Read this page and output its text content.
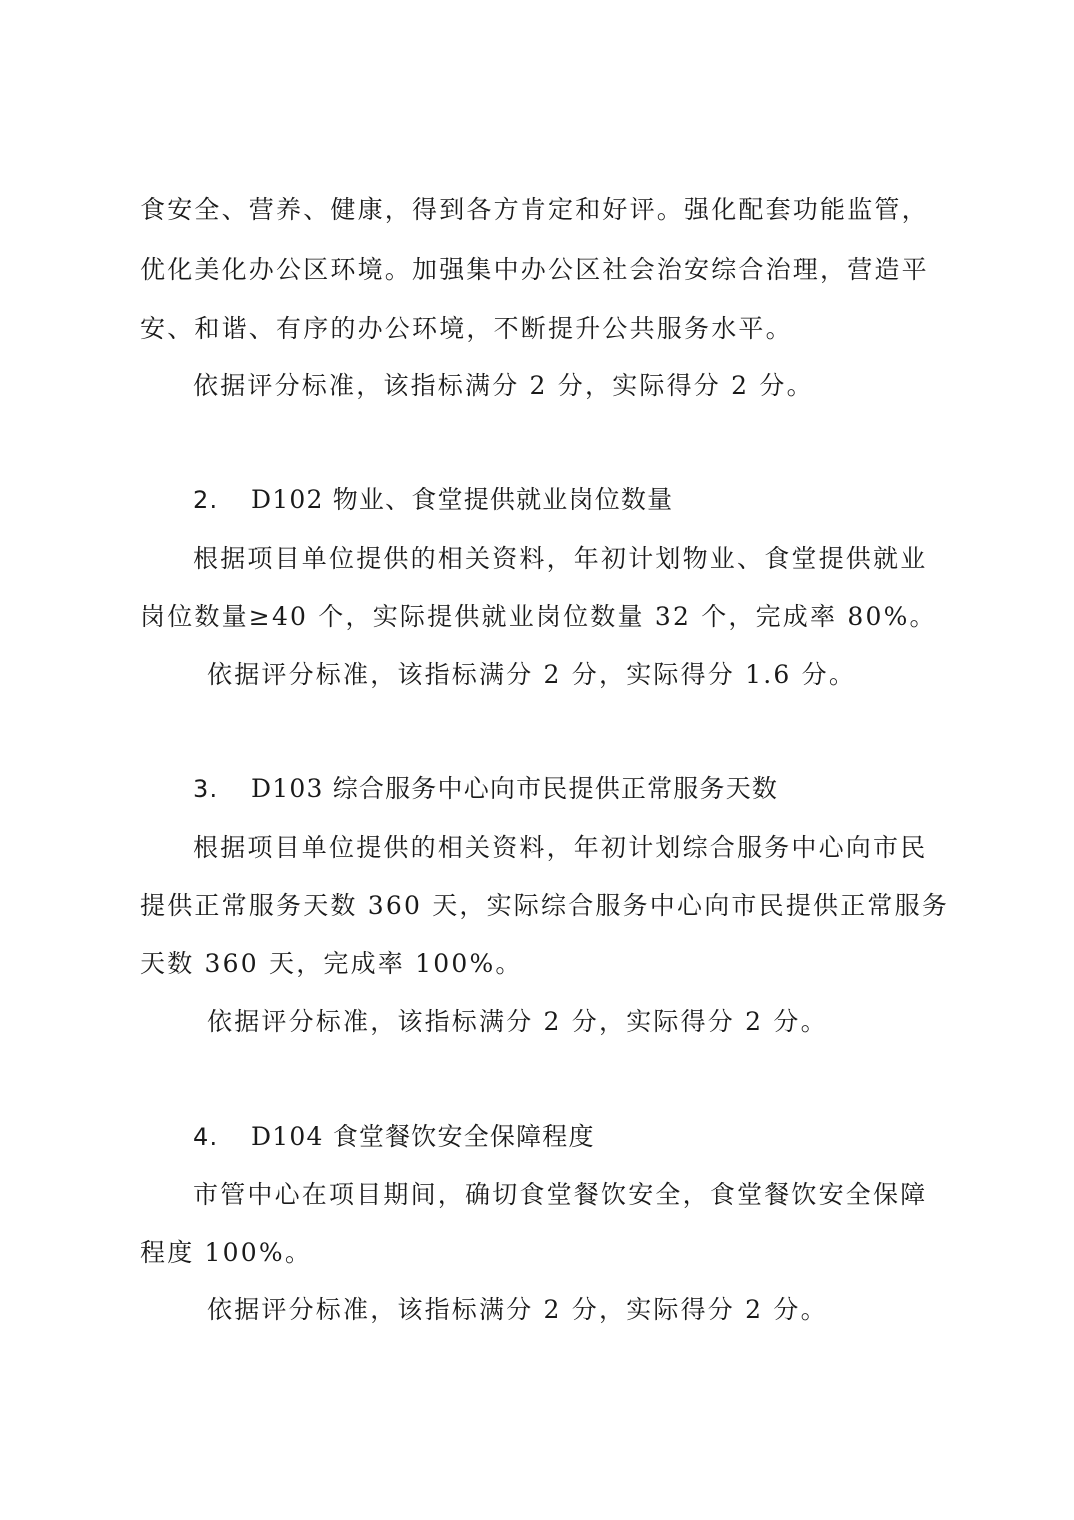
食安全、营养、健康，得到各方肯定和好评。强化配套功能监管，
优化美化办公区环境。加强集中办公区社会治安综合治理，营造平
安、和谐、有序的办公环境，不断提升公共服务水平。
依据评分标准，该指标满分 2 分，实际得分 2 分。
2. D102 物业、食堂提供就业岗位数量
根据项目单位提供的相关资料，年初计划物业、食堂提供就业
岗位数量≥40 个，实际提供就业岗位数量 32 个，完成率 80%。
依据评分标准，该指标满分 2 分，实际得分 1.6 分。
3. D103 综合服务中心向市民提供正常服务天数
根据项目单位提供的相关资料，年初计划综合服务中心向市民
提供正常服务天数 360 天，实际综合服务中心向市民提供正常服务
天数 360 天，完成率 100%。
依据评分标准，该指标满分 2 分，实际得分 2 分。
4. D104 食堂餐饮安全保障程度
市管中心在项目期间，确切食堂餐饮安全，食堂餐饮安全保障
程度 100%。
依据评分标准，该指标满分 2 分，实际得分 2 分。
